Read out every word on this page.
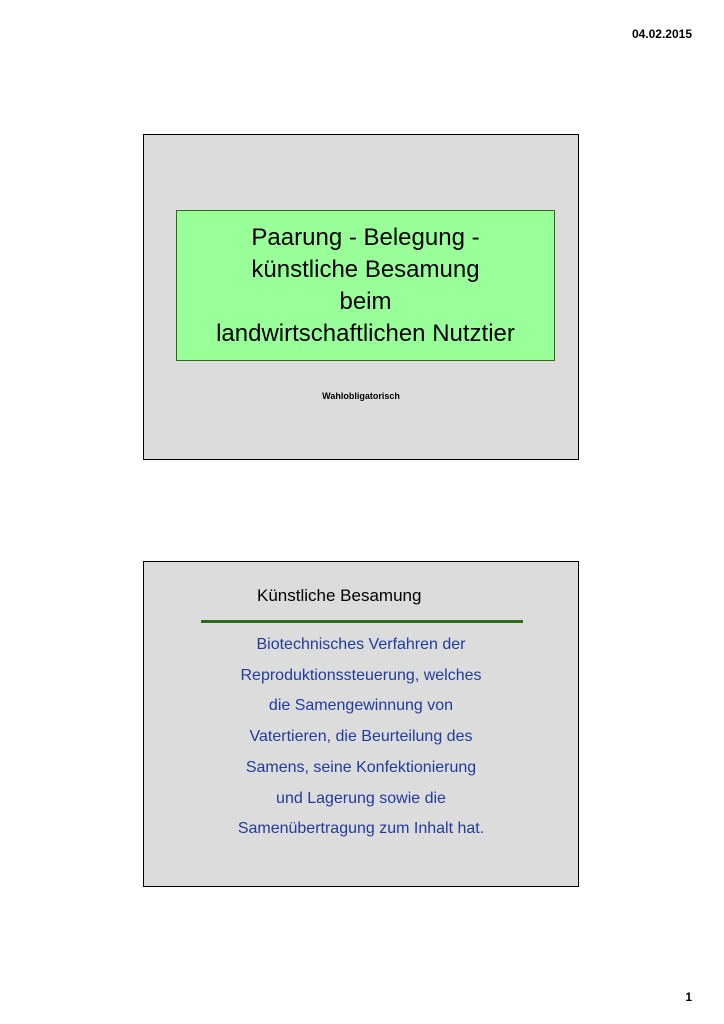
04.02.2015
Paarung - Belegung -
künstliche Besamung
beim
landwirtschaftlichen Nutztier
Wahlobligatorisch
Künstliche Besamung
Biotechnisches Verfahren der
Reproduktionssteuerung, welches
die Samengewinnung von
Vatertieren, die Beurteilung des
Samens, seine Konfektionierung
und Lagerung sowie die
Samenübertragung zum Inhalt hat.
1
